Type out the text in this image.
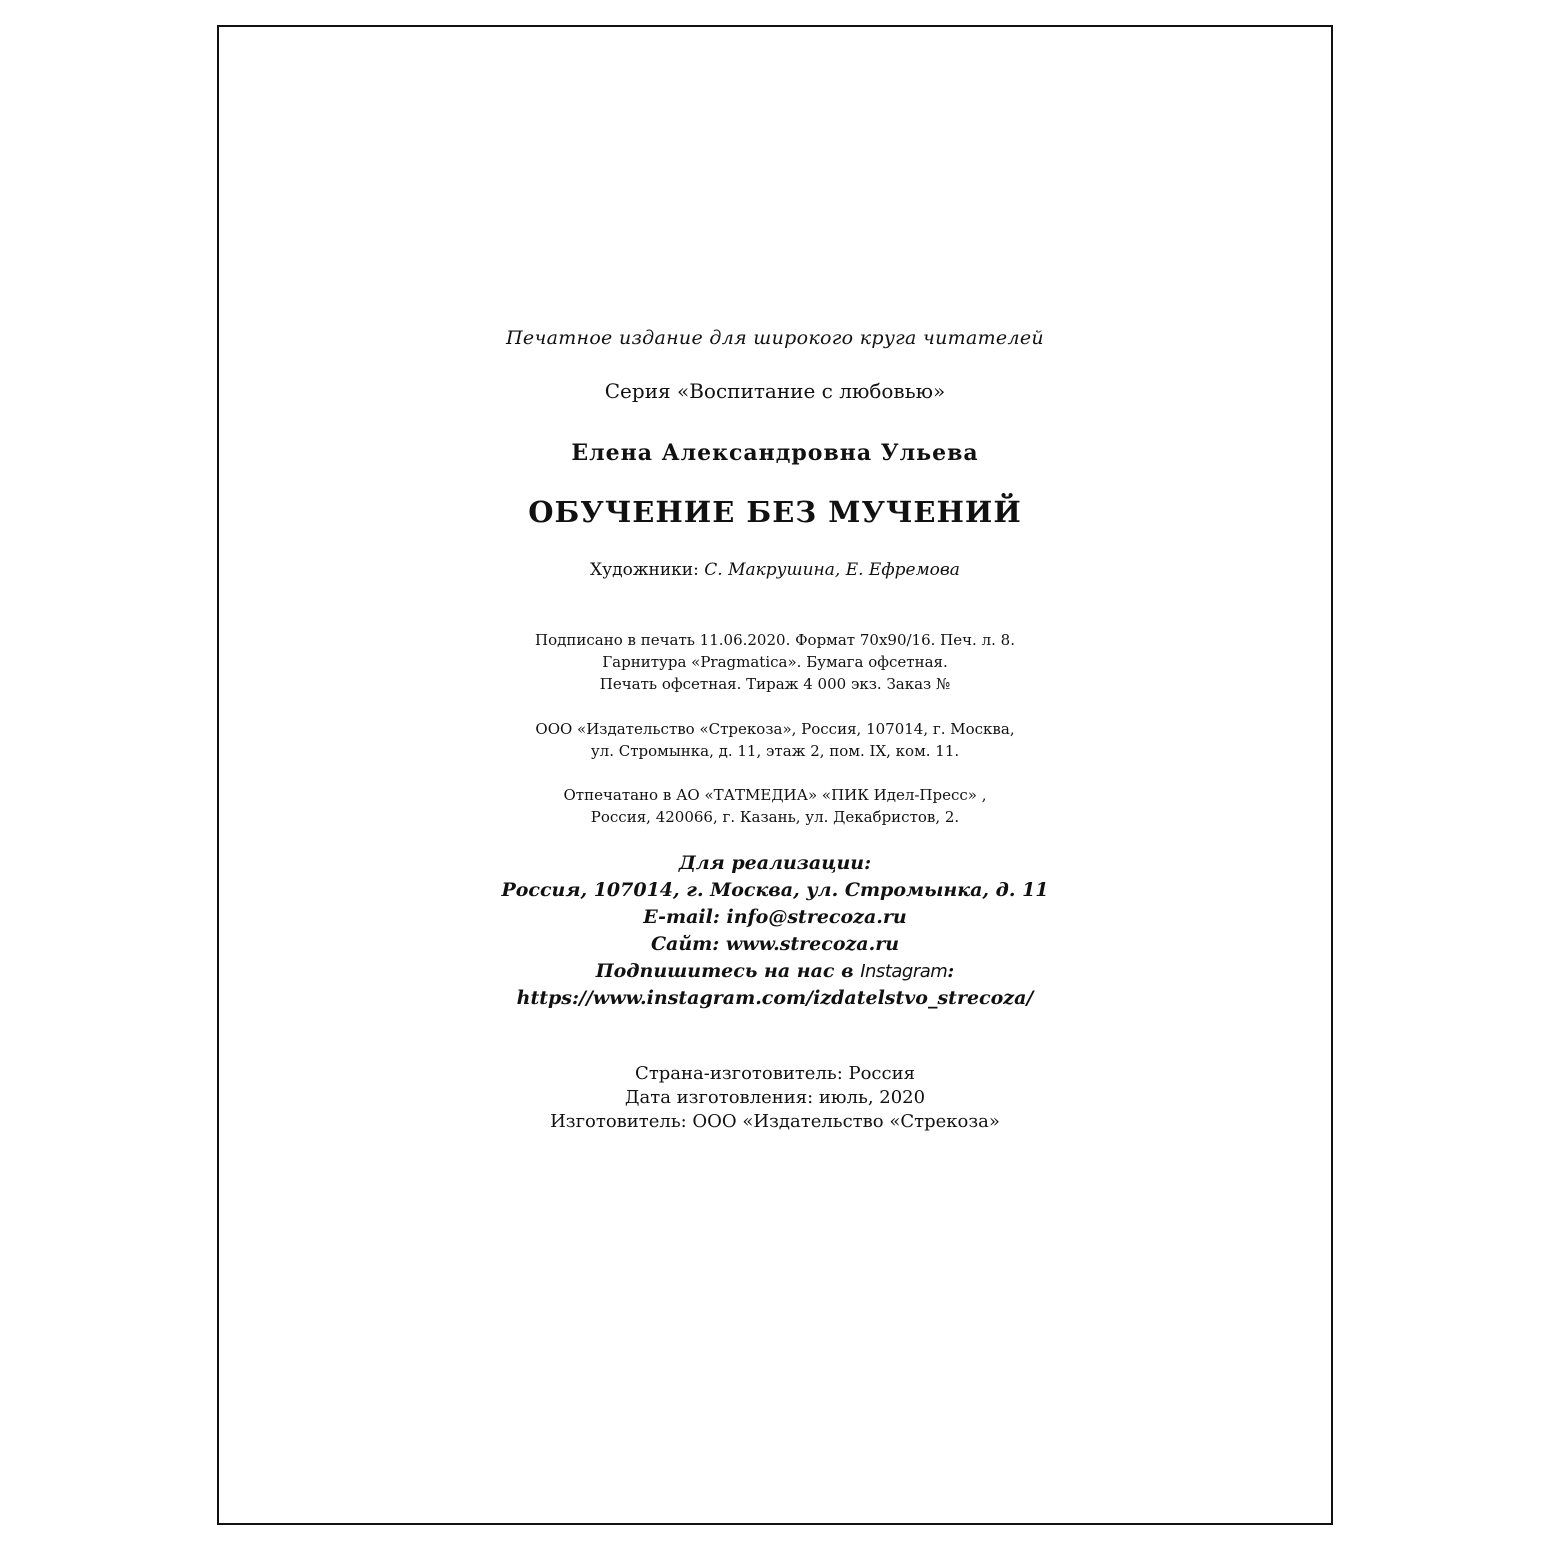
Печатное издание для широкого круга читателей
Серия «Воспитание с любовью»
Елена Александровна Ульева
ОБУЧЕНИЕ БЕЗ МУЧЕНИЙ
Художники: С. Макрушина, Е. Ефремова
Подписано в печать 11.06.2020. Формат 70х90/16. Печ. л. 8.
Гарнитура «Pragmatica». Бумага офсетная.
Печать офсетная. Тираж 4 000 экз. Заказ №
ООО «Издательство «Стрекоза», Россия, 107014, г. Москва,
ул. Стромынка, д. 11, этаж 2, пом. IX, ком. 11.
Отпечатано в АО «ТАТМЕДИА» «ПИК Идел-Пресс» ,
Россия, 420066, г. Казань, ул. Декабристов, 2.
Для реализации:
Россия, 107014, г. Москва, ул. Стромынка, д. 11
E-mail: info@strecoza.ru
Сайт: www.strecoza.ru
Подпишитесь на нас в Instagram:
https://www.instagram.com/izdatelstvo_strecoza/
Страна-изготовитель: Россия
Дата изготовления: июль, 2020
Изготовитель: ООО «Издательство «Стрекоза»
